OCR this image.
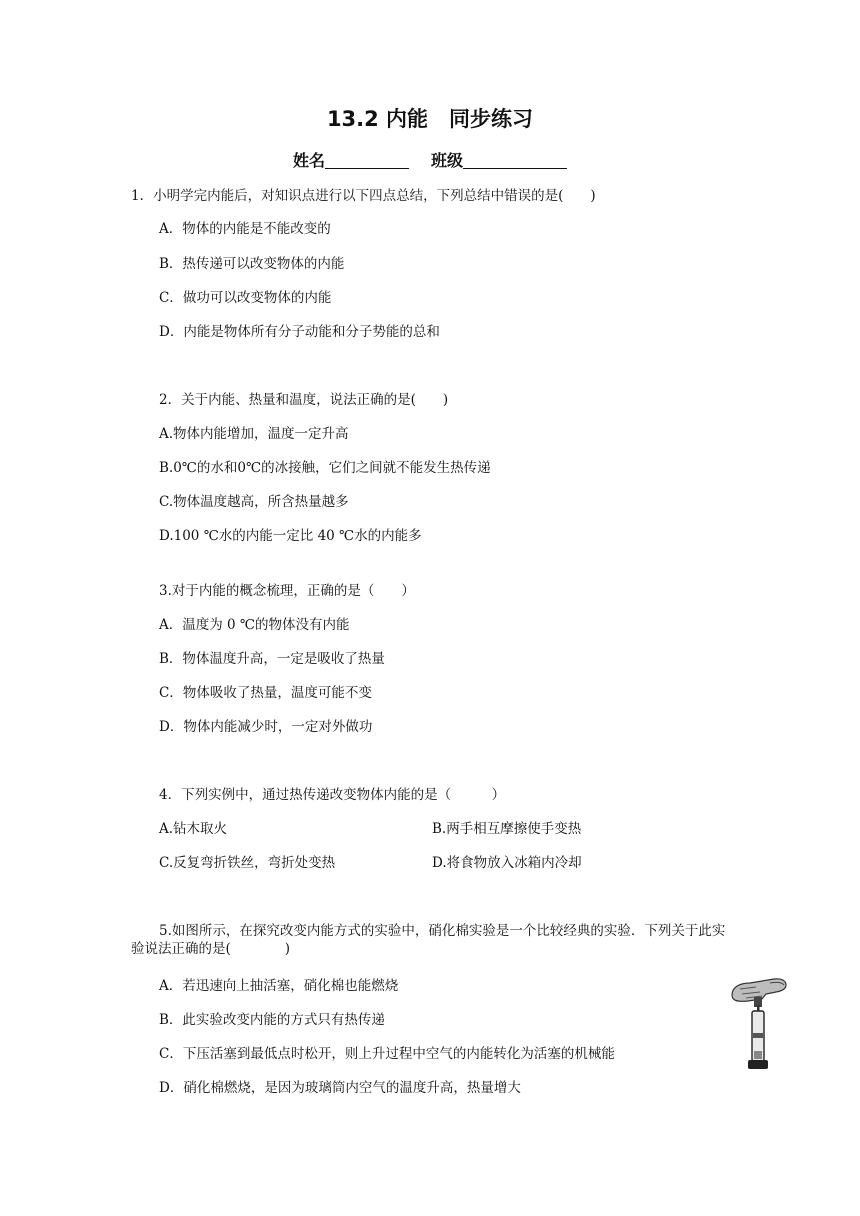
13.2 内能　同步练习
姓名	班级
1．小明学完内能后，对知识点进行以下四点总结，下列总结中错误的是(　　)
A．物体的内能是不能改变的
B．热传递可以改变物体的内能
C．做功可以改变物体的内能
D．内能是物体所有分子动能和分子势能的总和
2．关于内能、热量和温度，说法正确的是(　　)
A.物体内能增加，温度一定升高
B.0℃的水和0℃的冰接触，它们之间就不能发生热传递
C.物体温度越高，所含热量越多
D.100 ℃水的内能一定比 40 ℃水的内能多
3.对于内能的概念梳理，正确的是（　　）
A．温度为 0 ℃的物体没有内能
B．物体温度升高，一定是吸收了热量
C．物体吸收了热量，温度可能不变
D．物体内能减少时，一定对外做功
4．下列实例中，通过热传递改变物体内能的是（　　　）
A.钻木取火	B.两手相互摩擦使手变热
C.反复弯折铁丝，弯折处变热	D.将食物放入冰箱内冷却
5.如图所示，在探究改变内能方式的实验中，硝化棉实验是一个比较经典的实验．下列关于此实验说法正确的是(　　　　)
A．若迅速向上抽活塞，硝化棉也能燃烧
B．此实验改变内能的方式只有热传递
C．下压活塞到最低点时松开，则上升过程中空气的内能转化为活塞的机械能
D．硝化棉燃烧，是因为玻璃筒内空气的温度升高，热量增大
